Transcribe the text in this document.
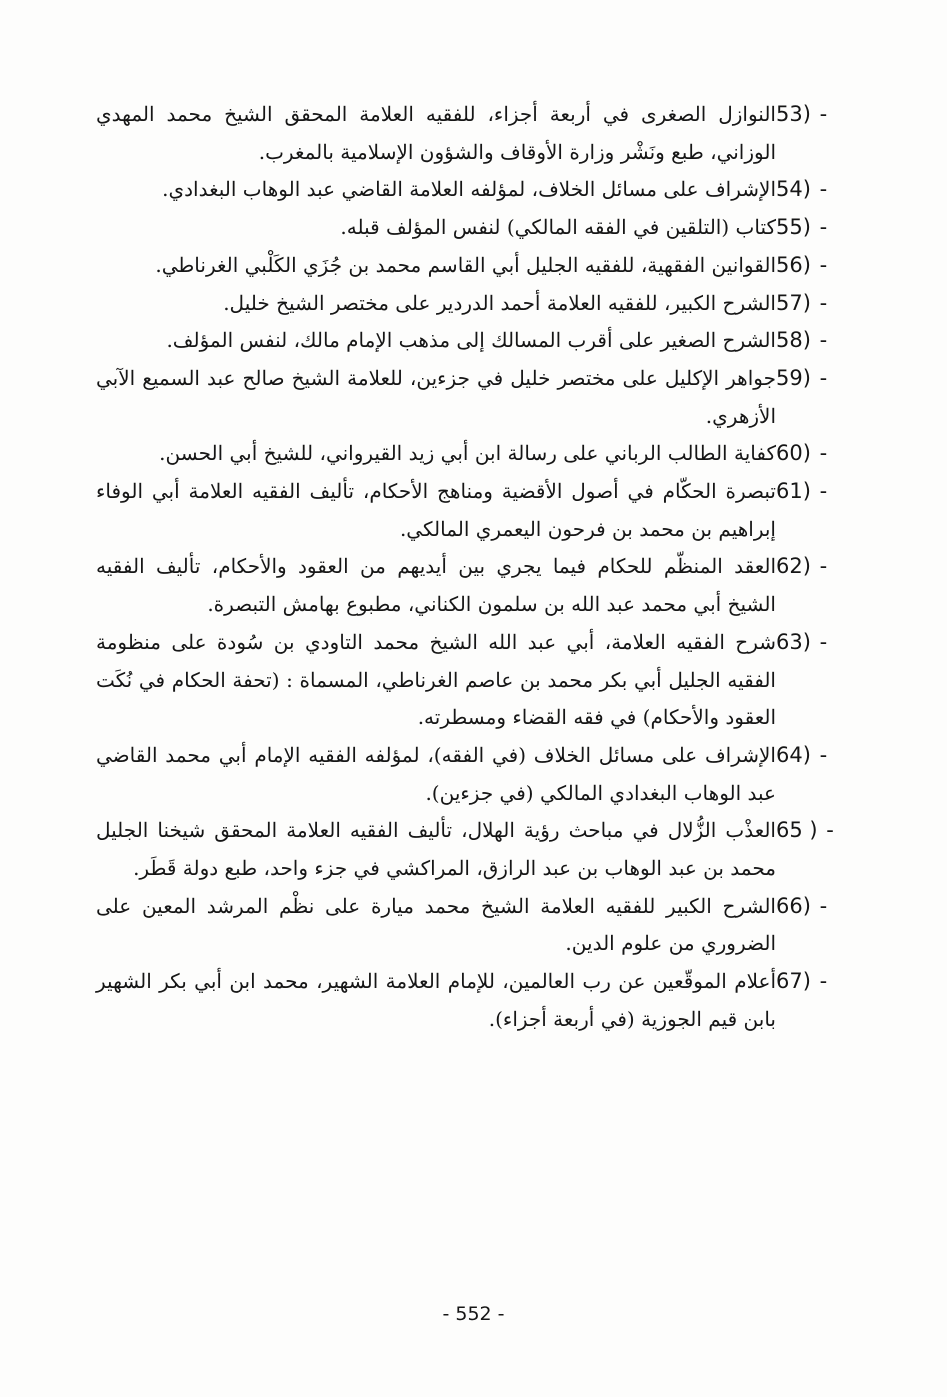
53) -
النوازل الصغرى في أربعة أجزاء، للفقيه العلامة المحقق الشيخ محمد المهدي الوزاني، طبع ونَشْر وزارة الأوقاف والشؤون الإسلامية بالمغرب.
54) -
الإشراف على مسائل الخلاف، لمؤلفه العلامة القاضي عبد الوهاب البغدادي.
55) -
كتاب (التلقين في الفقه المالكي) لنفس المؤلف قبله.
56) -
القوانين الفقهية، للفقيه الجليل أبي القاسم محمد بن جُزَي الكَلْبي الغرناطي.
57) -
الشرح الكبير، للفقيه العلامة أحمد الدردير على مختصر الشيخ خليل.
58) -
الشرح الصغير على أقرب المسالك إلى مذهب الإمام مالك، لنفس المؤلف.
59) -
جواهر الإكليل على مختصر خليل في جزءين، للعلامة الشيخ صالح عبد السميع الآبي الأزهري.
60) -
كفاية الطالب الرباني على رسالة ابن أبي زيد القيرواني، للشيخ أبي الحسن.
61) -
تبصرة الحكّام في أصول الأقضية ومناهج الأحكام، تأليف الفقيه العلامة أبي الوفاء إبراهيم بن محمد بن فرحون اليعمري المالكي.
62) -
العقد المنظّم للحكام فيما يجري بين أيديهم من العقود والأحكام، تأليف الفقيه الشيخ أبي محمد عبد الله بن سلمون الكناني، مطبوع بهامش التبصرة.
63) -
شرح الفقيه العلامة، أبي عبد الله الشيخ محمد التاودي بن سُودة على منظومة الفقيه الجليل أبي بكر محمد بن عاصم الغرناطي، المسماة : (تحفة الحكام في نُكَت العقود والأحكام) في فقه القضاء ومسطرته.
64) -
الإشراف على مسائل الخلاف (في الفقه)، لمؤلفه الفقيه الإمام أبي محمد القاضي عبد الوهاب البغدادي المالكي (في جزءين).
65 ) -
العذْب الزُّلال في مباحث رؤية الهلال، تأليف الفقيه العلامة المحقق شيخنا الجليل محمد بن عبد الوهاب بن عبد الرازق، المراكشي في جزء واحد، طبع دولة قَطَر.
66) -
الشرح الكبير للفقيه العلامة الشيخ محمد ميارة على نظْم المرشد المعين على الضروري من علوم الدين.
67) -
أعلام الموقّعين عن رب العالمين، للإمام العلامة الشهير، محمد ابن أبي بكر الشهير بابن قيم الجوزية (في أربعة أجزاء).
- 552 -
